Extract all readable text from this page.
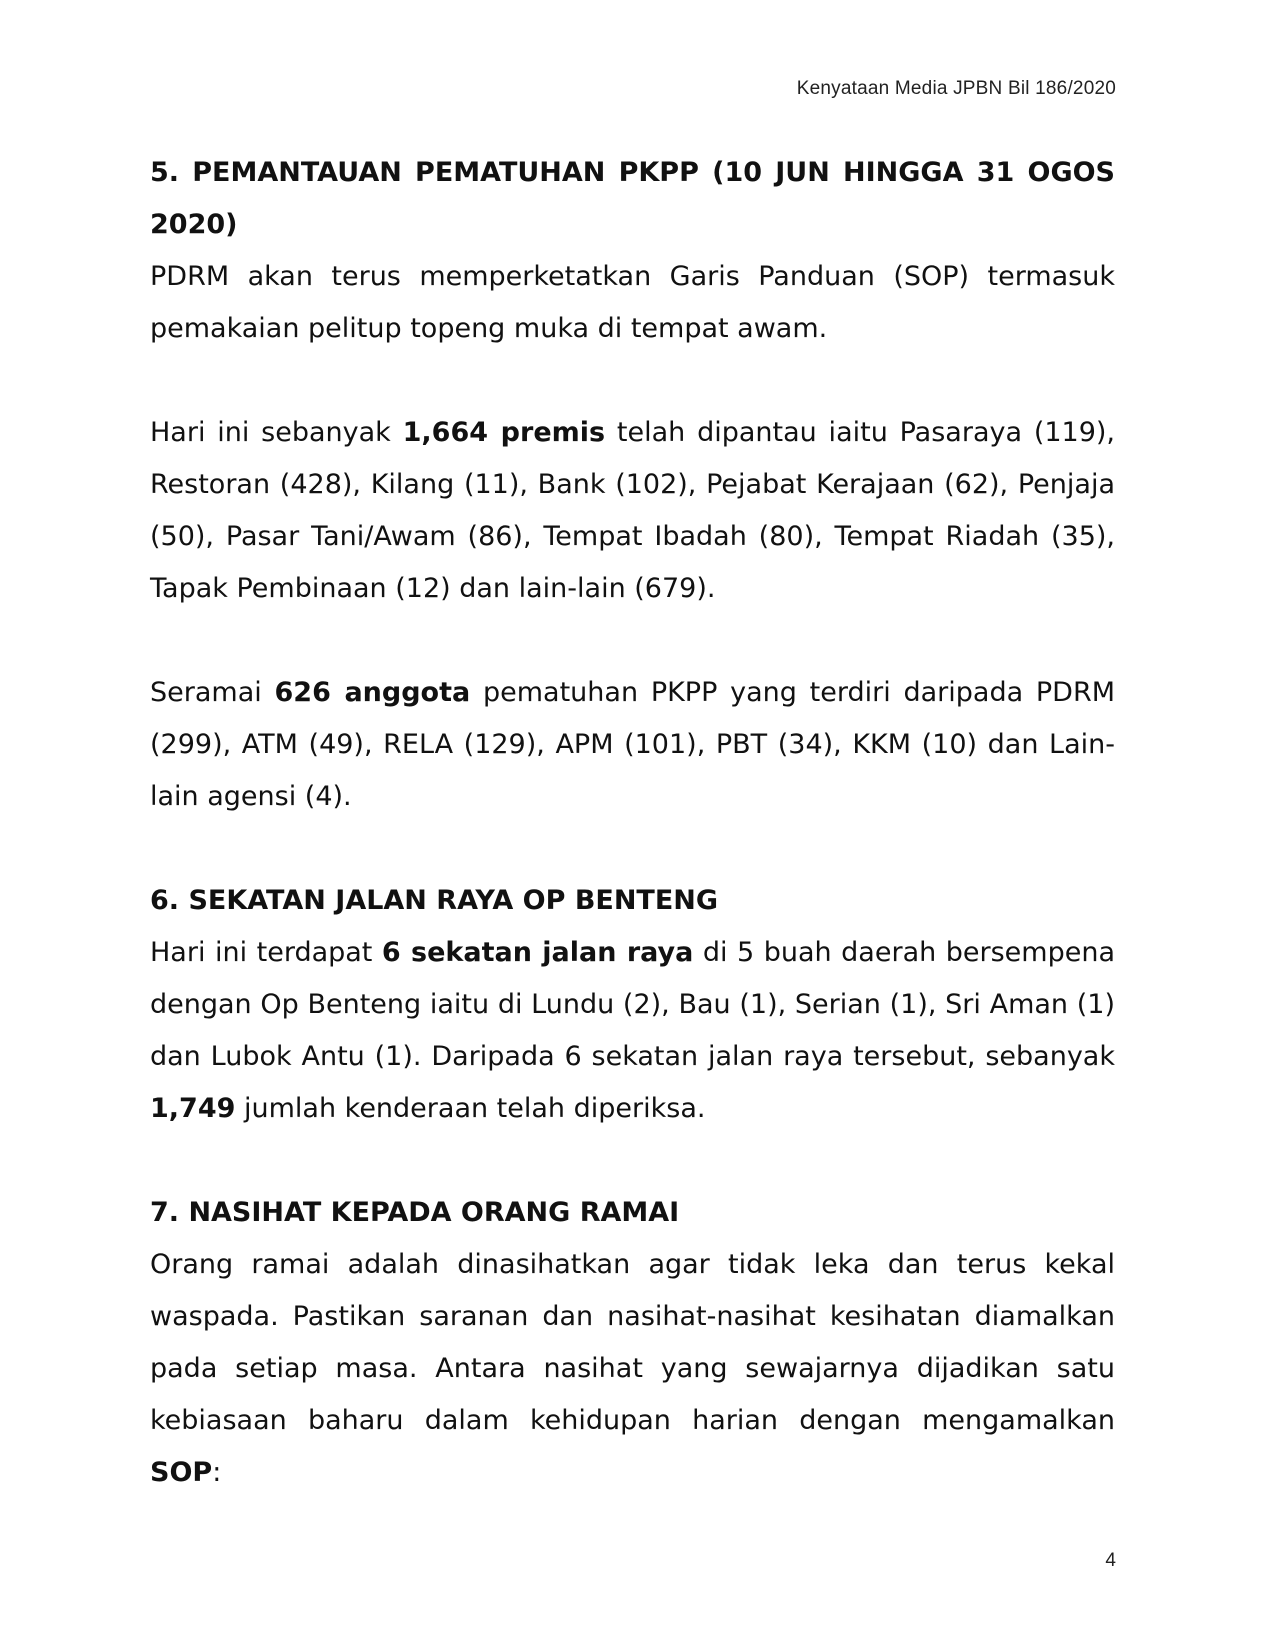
Kenyataan Media JPBN Bil 186/2020
5. PEMANTAUAN PEMATUHAN PKPP (10 JUN HINGGA 31 OGOS 2020)

PDRM akan terus memperketatkan Garis Panduan (SOP) termasuk pemakaian pelitup topeng muka di tempat awam.

Hari ini sebanyak 1,664 premis telah dipantau iaitu Pasaraya (119), Restoran (428), Kilang (11), Bank (102), Pejabat Kerajaan (62), Penjaja (50), Pasar Tani/Awam (86), Tempat Ibadah (80), Tempat Riadah (35), Tapak Pembinaan (12) dan lain-lain (679).

Seramai 626 anggota pematuhan PKPP yang terdiri daripada PDRM (299), ATM (49), RELA (129), APM (101), PBT (34), KKM (10) dan Lain-lain agensi (4).

6. SEKATAN JALAN RAYA OP BENTENG

Hari ini terdapat 6 sekatan jalan raya di 5 buah daerah bersempena dengan Op Benteng iaitu di Lundu (2), Bau (1), Serian (1), Sri Aman (1) dan Lubok Antu (1). Daripada 6 sekatan jalan raya tersebut, sebanyak 1,749 jumlah kenderaan telah diperiksa.

7. NASIHAT KEPADA ORANG RAMAI

Orang ramai adalah dinasihatkan agar tidak leka dan terus kekal waspada. Pastikan saranan dan nasihat-nasihat kesihatan diamalkan pada setiap masa. Antara nasihat yang sewajarnya dijadikan satu kebiasaan baharu dalam kehidupan harian dengan mengamalkan SOP:

4
